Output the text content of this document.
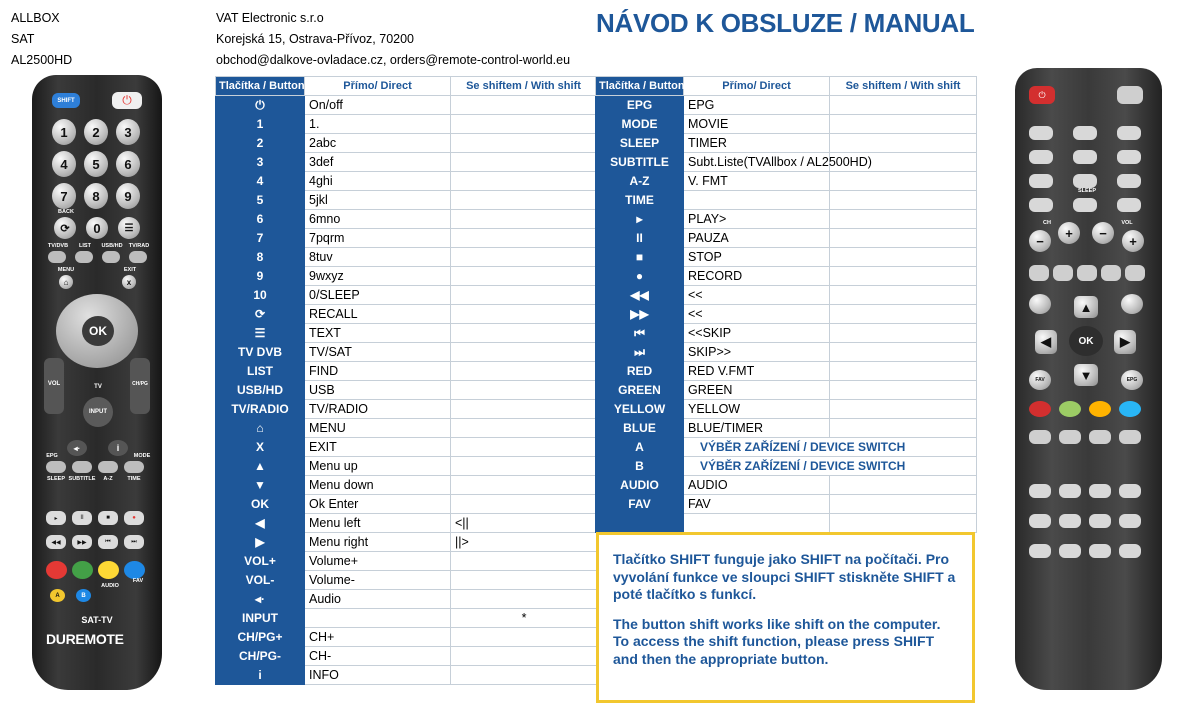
ALLBOX
SAT
AL2500HD
VAT Electronic s.r.o
Korejská 15, Ostrava-Přívoz, 70200
obchod@dalkove-ovladace.cz, orders@remote-control-world.eu
NÁVOD K OBSLUZE / MANUAL
Tlačítka / Button	Přímo/ Direct	Se shiftem / With shift
⏻	On/off	
1	1.	
2	2abc	
3	3def	
4	4ghi	
5	5jkl	
6	6mno	
7	7pqrm	
8	8tuv	
9	9wxyz	
10	0/SLEEP	
⟳	RECALL	
☰	TEXT	
TV DVB	TV/SAT	
LIST	FIND	
USB/HD	USB	
TV/RADIO	TV/RADIO	
⌂	MENU	
X	EXIT	
▲	Menu up	
▼	Menu down	
OK	Ok Enter	
◀	Menu left	<||
▶	Menu right	||>
VOL+	Volume+	
VOL-	Volume-	
◂·	Audio	
INPUT		*
CH/PG+	CH+	
CH/PG-	CH-	
i	INFO	
Tlačítka / Button	Přímo/ Direct	Se shiftem / With shift
EPG	EPG	
MODE	MOVIE	
SLEEP	TIMER	
SUBTITLE	Subt.Liste(TVAllbox / AL2500HD)	
A-Z	V. FMT	
TIME		
▸	PLAY>	
II	PAUZA	
■	STOP	
●	RECORD	
◀◀	<<	
▶▶	<<	
⏮	<<SKIP	
⏭	SKIP>>	
RED	RED V.FMT	
GREEN	GREEN	
YELLOW	YELLOW	
BLUE	BLUE/TIMER	
A	VÝBĚR ZAŘÍZENÍ / DEVICE SWITCH	
B	VÝBĚR ZAŘÍZENÍ / DEVICE SWITCH	
AUDIO	AUDIO	
FAV	FAV	

Tlačítko SHIFT funguje jako SHIFT na počítači. Pro vyvolání funkce ve sloupci SHIFT stiskněte SHIFT a poté tlačítko s funkcí.

The button shift works like shift on the computer. To access the shift function, please press SHIFT and then the appropriate button.

SHIFT	⏻
1	2	3
4	5	6
7	8	9
BACK
⟳	0	☰
TV/DVB	LIST	USB/HD	TV/RAD
MENU	EXIT
⌂	x
OK
VOL	CH/PG
TV
INPUT
◂·	i
EPG	MODE
SLEEP SUBTITLE	A-Z	TIME
▸	II	■	●
◀◀	▶▶	⏮	⏭
AUDIO
FAV
A	B
SAT-TV
DUREMOTE
⏻
SLEEP
CH	VOL
−
+	−
+
OK
▲
▼
◀	▶
FAV	EPG
